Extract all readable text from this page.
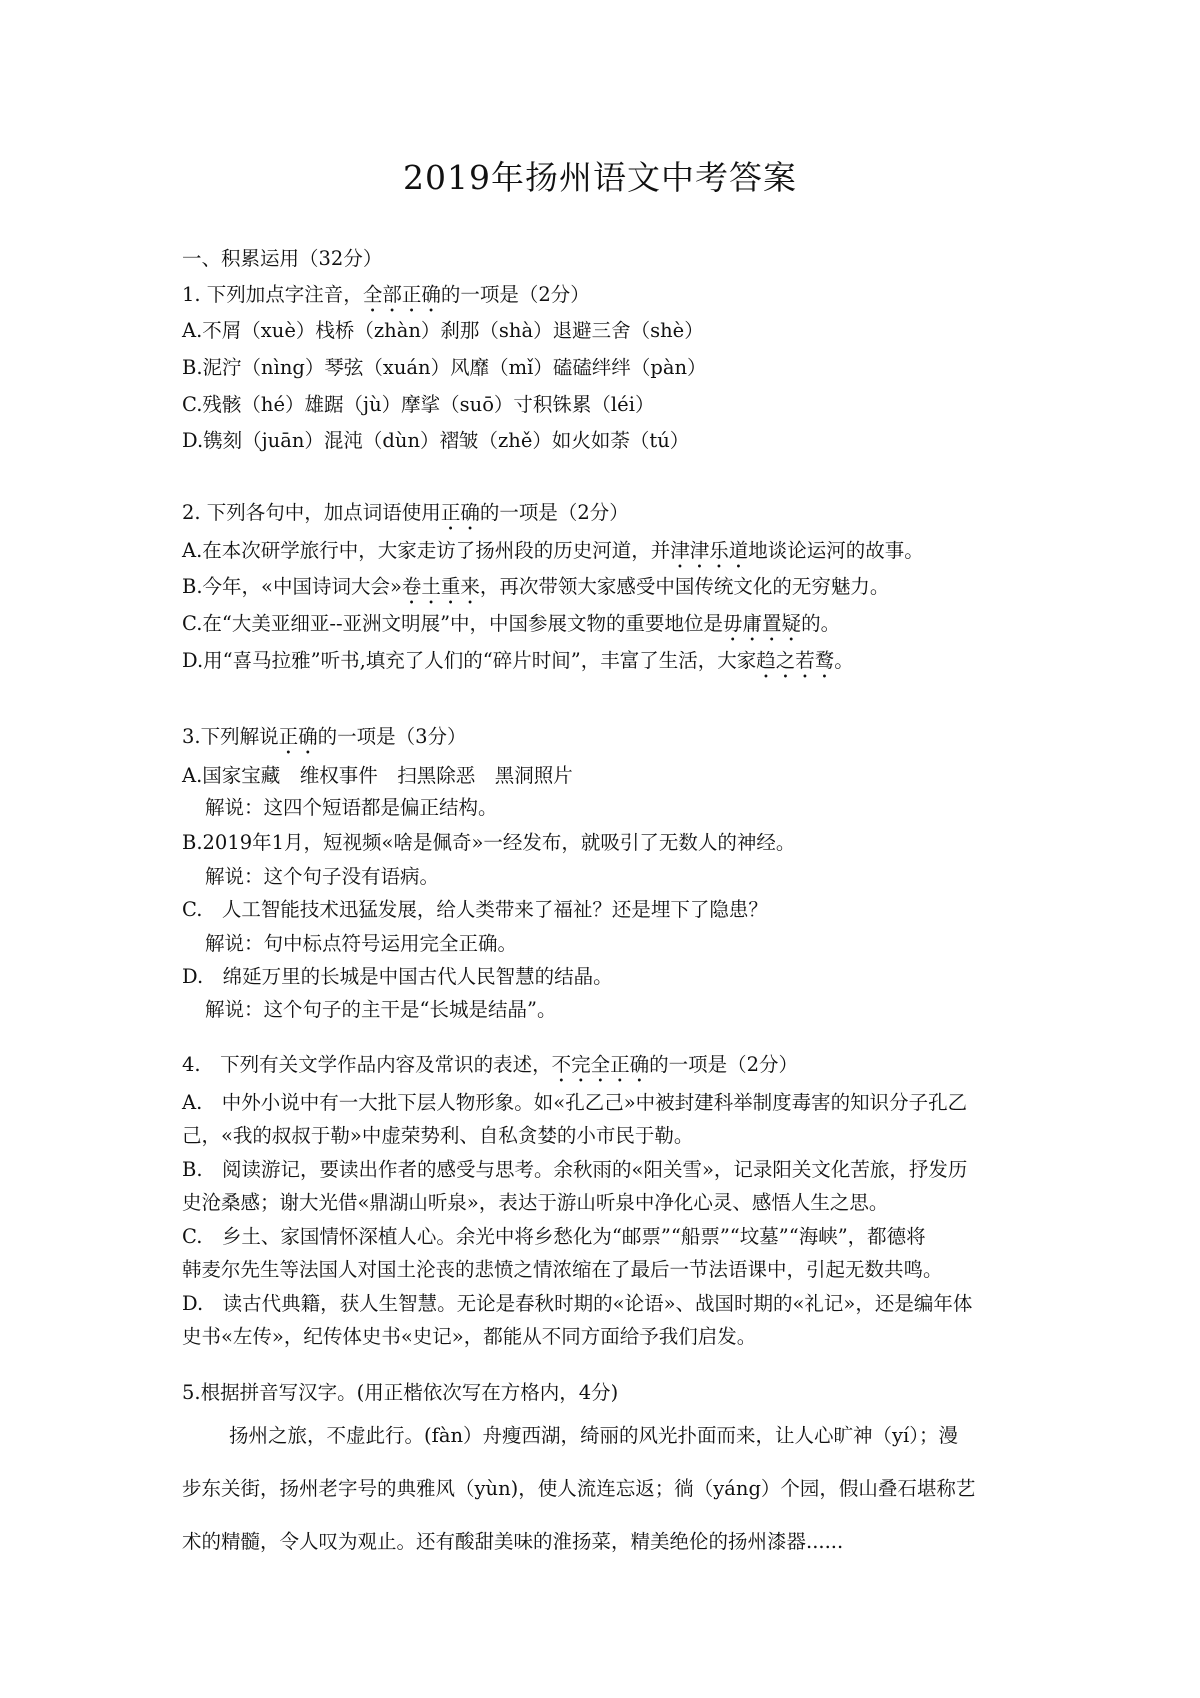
2019年扬州语文中考答案
一、积累运用（32分）
1. 下列加点字注音，全部正确的一项是（2分）
A.不屑（xuè）栈桥（zhàn）刹那（shà）退避三舍（shè）
B.泥泞（nìng）琴弦（xuán）风靡（mǐ）磕磕绊绊（pàn）
C.残骸（hé）雄踞（jù）摩挲（suō）寸积铢累（léi）
D.镌刻（juān）混沌（dùn）褶皱（zhě）如火如荼（tú）
2. 下列各句中，加点词语使用正确的一项是（2分）
A.在本次研学旅行中，大家走访了扬州段的历史河道，并津津乐道地谈论运河的故事。
B.今年，«中国诗词大会»卷土重来，再次带领大家感受中国传统文化的无穷魅力。
C.在“大美亚细亚--亚洲文明展”中，中国参展文物的重要地位是毋庸置疑的。
D.用“喜马拉雅”听书,填充了人们的“碎片时间”，丰富了生活，大家趋之若鹜。
3.下列解说正确的一项是（3分）
A.国家宝藏　维权事件　扫黑除恶　黑洞照片
解说：这四个短语都是偏正结构。
B.2019年1月，短视频«啥是佩奇»一经发布，就吸引了无数人的神经。
解说：这个句子没有语病。
C.　人工智能技术迅猛发展，给人类带来了福祉？还是埋下了隐患？
解说：句中标点符号运用完全正确。
D.　绵延万里的长城是中国古代人民智慧的结晶。
解说：这个句子的主干是“长城是结晶”。
4.　下列有关文学作品内容及常识的表述，不完全正确的一项是（2分）
A.　中外小说中有一大批下层人物形象。如«孔乙己»中被封建科举制度毒害的知识分子孔乙
己，«我的叔叔于勒»中虚荣势利、自私贪婪的小市民于勒。
B.　阅读游记，要读出作者的感受与思考。余秋雨的«阳关雪»，记录阳关文化苦旅，抒发历
史沧桑感；谢大光借«鼎湖山听泉»，表达于游山听泉中净化心灵、感悟人生之思。
C.　乡土、家国情怀深植人心。余光中将乡愁化为“邮票”“船票”“坟墓”“海峡”，都德将
韩麦尔先生等法国人对国土沦丧的悲愤之情浓缩在了最后一节法语课中，引起无数共鸣。
D.　读古代典籍，获人生智慧。无论是春秋时期的«论语»、战国时期的«礼记»，还是编年体
史书«左传»，纪传体史书«史记»，都能从不同方面给予我们启发。
5.根据拼音写汉字。(用正楷依次写在方格内，4分)
扬州之旅，不虚此行。(fàn）舟瘦西湖，绮丽的风光扑面而来，让人心旷神（yí）；漫
步东关街，扬州老字号的典雅风（yùn)，使人流连忘返；徜（yáng）个园，假山叠石堪称艺
术的精髓，令人叹为观止。还有酸甜美味的淮扬菜，精美绝伦的扬州漆器......
